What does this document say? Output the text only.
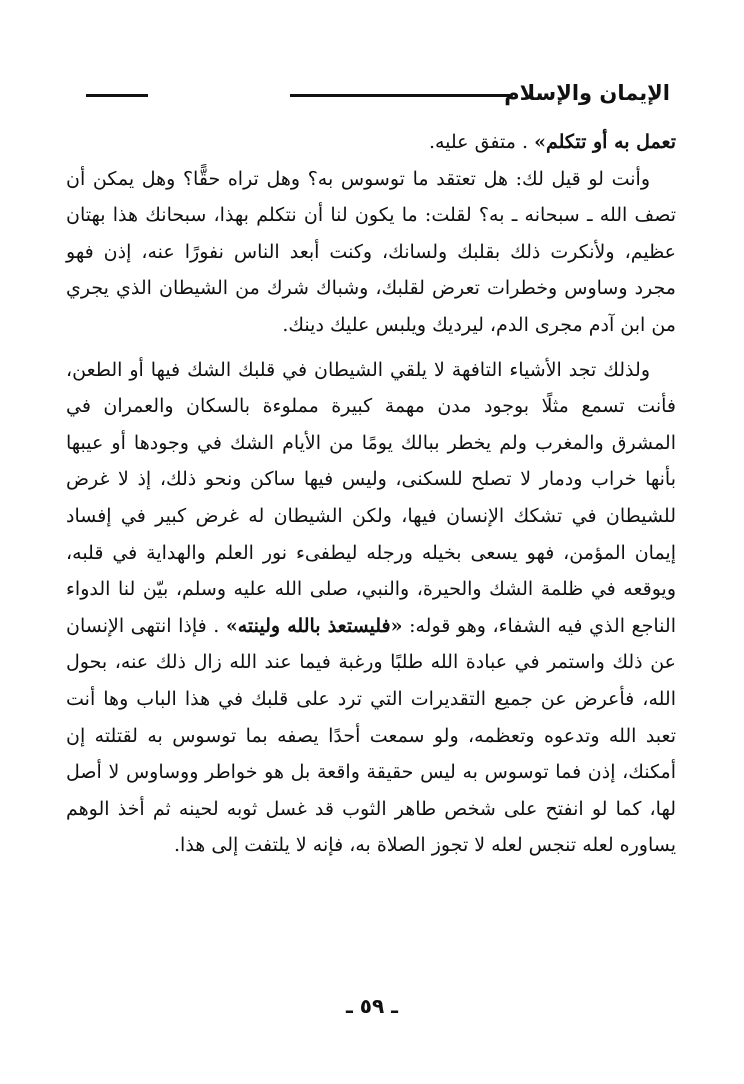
الإيمان والإسلام

تعمل به أو تتكلم» . متفق عليه.

وأنت لو قيل لك: هل تعتقد ما توسوس به؟ وهل تراه حقًّا؟ وهل يمكن أن تصف الله ـ سبحانه ـ به؟ لقلت: ما يكون لنا أن نتكلم بهذا، سبحانك هذا بهتان عظيم، ولأنكرت ذلك بقلبك ولسانك، وكنت أبعد الناس نفورًا عنه، إذن فهو مجرد وساوس وخطرات تعرض لقلبك، وشباك شرك من الشيطان الذي يجري من ابن آدم مجرى الدم، ليرديك ويلبس عليك دينك.

ولذلك تجد الأشياء التافهة لا يلقي الشيطان في قلبك الشك فيها أو الطعن، فأنت تسمع مثلًا بوجود مدن مهمة كبيرة مملوءة بالسكان والعمران في المشرق والمغرب ولم يخطر ببالك يومًا من الأيام الشك في وجودها أو عيبها بأنها خراب ودمار لا تصلح للسكنى، وليس فيها ساكن ونحو ذلك، إذ لا غرض للشيطان في تشكك الإنسان فيها، ولكن الشيطان له غرض كبير في إفساد إيمان المؤمن، فهو يسعى بخيله ورجله ليطفىء نور العلم والهداية في قلبه، ويوقعه في ظلمة الشك والحيرة، والنبي، صلى الله عليه وسلم، بيّن لنا الدواء الناجع الذي فيه الشفاء، وهو قوله: «فليستعذ بالله ولينته» . فإذا انتهى الإنسان عن ذلك واستمر في عبادة الله طلبًا ورغبة فيما عند الله زال ذلك عنه، بحول الله، فأعرض عن جميع التقديرات التي ترد على قلبك في هذا الباب وها أنت تعبد الله وتدعوه وتعظمه، ولو سمعت أحدًا يصفه بما توسوس به لقتلته إن أمكنك، إذن فما توسوس به ليس حقيقة واقعة بل هو خواطر ووساوس لا أصل لها، كما لو انفتح على شخص طاهر الثوب قد غسل ثوبه لحينه ثم أخذ الوهم يساوره لعله تنجس لعله لا تجوز الصلاة به، فإنه لا يلتفت إلى هذا.

ـ ٥٩ ـ
